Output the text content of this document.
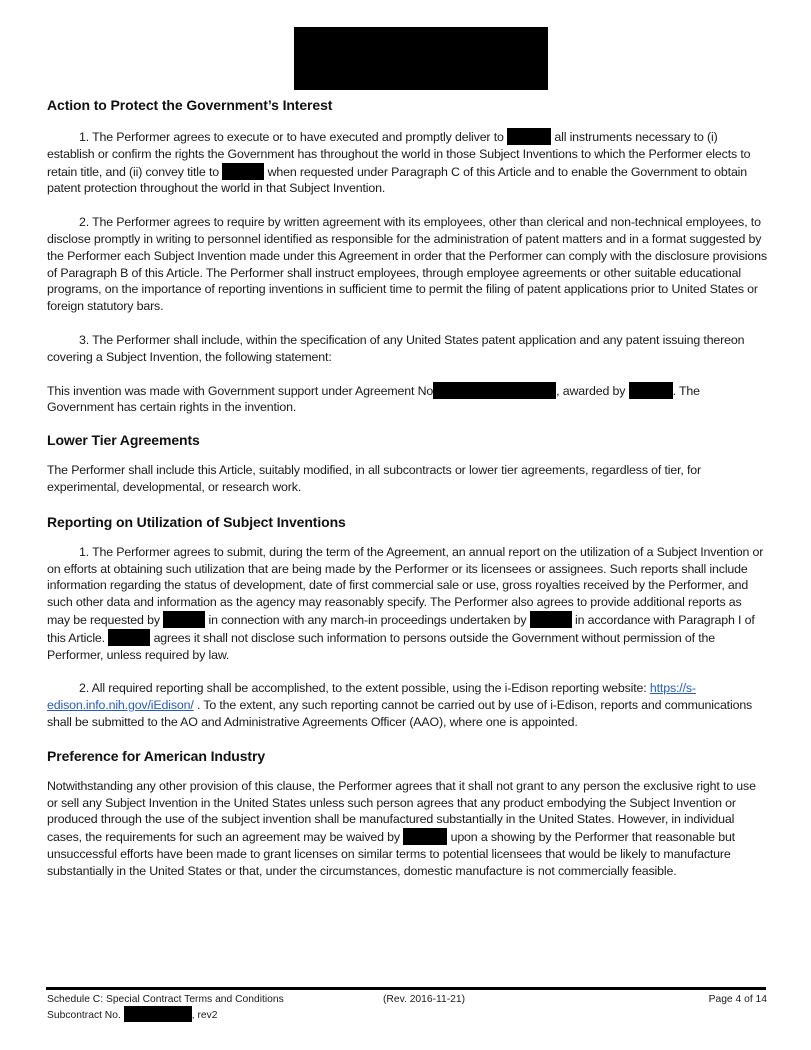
Action to Protect the Government’s Interest

1. The Performer agrees to execute or to have executed and promptly deliver to	all instruments necessary to (i) establish or confirm the rights the Government has throughout the world in those Subject Inventions to which the Performer elects to retain title, and (ii) convey title to	when requested under Paragraph C of this Article and to enable the Government to obtain patent protection throughout the world in that Subject Invention.

2. The Performer agrees to require by written agreement with its employees, other than clerical and non-technical employees, to disclose promptly in writing to personnel identified as responsible for the administration of patent matters and in a format suggested by the Performer each Subject Invention made under this Agreement in order that the Performer can comply with the disclosure provisions of Paragraph B of this Article. The Performer shall instruct employees, through employee agreements or other suitable educational programs, on the importance of reporting inventions in sufficient time to permit the filing of patent applications prior to United States or foreign statutory bars.

3. The Performer shall include, within the specification of any United States patent application and any patent issuing thereon covering a Subject Invention, the following statement:

This invention was made with Government support under Agreement No	, awarded by	. The Government has certain rights in the invention.

Lower Tier Agreements

The Performer shall include this Article, suitably modified, in all subcontracts or lower tier agreements, regardless of tier, for experimental, developmental, or research work.

Reporting on Utilization of Subject Inventions

1. The Performer agrees to submit, during the term of the Agreement, an annual report on the utilization of a Subject Invention or on efforts at obtaining such utilization that are being made by the Performer or its licensees or assignees. Such reports shall include information regarding the status of development, date of first commercial sale or use, gross royalties received by the Performer, and such other data and information as the agency may reasonably specify. The Performer also agrees to provide additional reports as may be requested by	in connection with any march-in proceedings undertaken by	in accordance with Paragraph I of this Article.	agrees it shall not disclose such information to persons outside the Government without permission of the Performer, unless required by law.

2. All required reporting shall be accomplished, to the extent possible, using the i-Edison reporting website: https://s-edison.info.nih.gov/iEdison/ . To the extent, any such reporting cannot be carried out by use of i-Edison, reports and communications shall be submitted to the AO and Administrative Agreements Officer (AAO), where one is appointed.

Preference for American Industry

Notwithstanding any other provision of this clause, the Performer agrees that it shall not grant to any person the exclusive right to use or sell any Subject Invention in the United States unless such person agrees that any product embodying the Subject Invention or produced through the use of the subject invention shall be manufactured substantially in the United States. However, in individual cases, the requirements for such an agreement may be waived by	upon a showing by the Performer that reasonable but unsuccessful efforts have been made to grant licenses on similar terms to potential licensees that would be likely to manufacture substantially in the United States or that, under the circumstances, domestic manufacture is not commercially feasible.

Schedule C: Special Contract Terms and Conditions	(Rev. 2016-11-21)	Page 4 of 14
Subcontract No.	, rev2
